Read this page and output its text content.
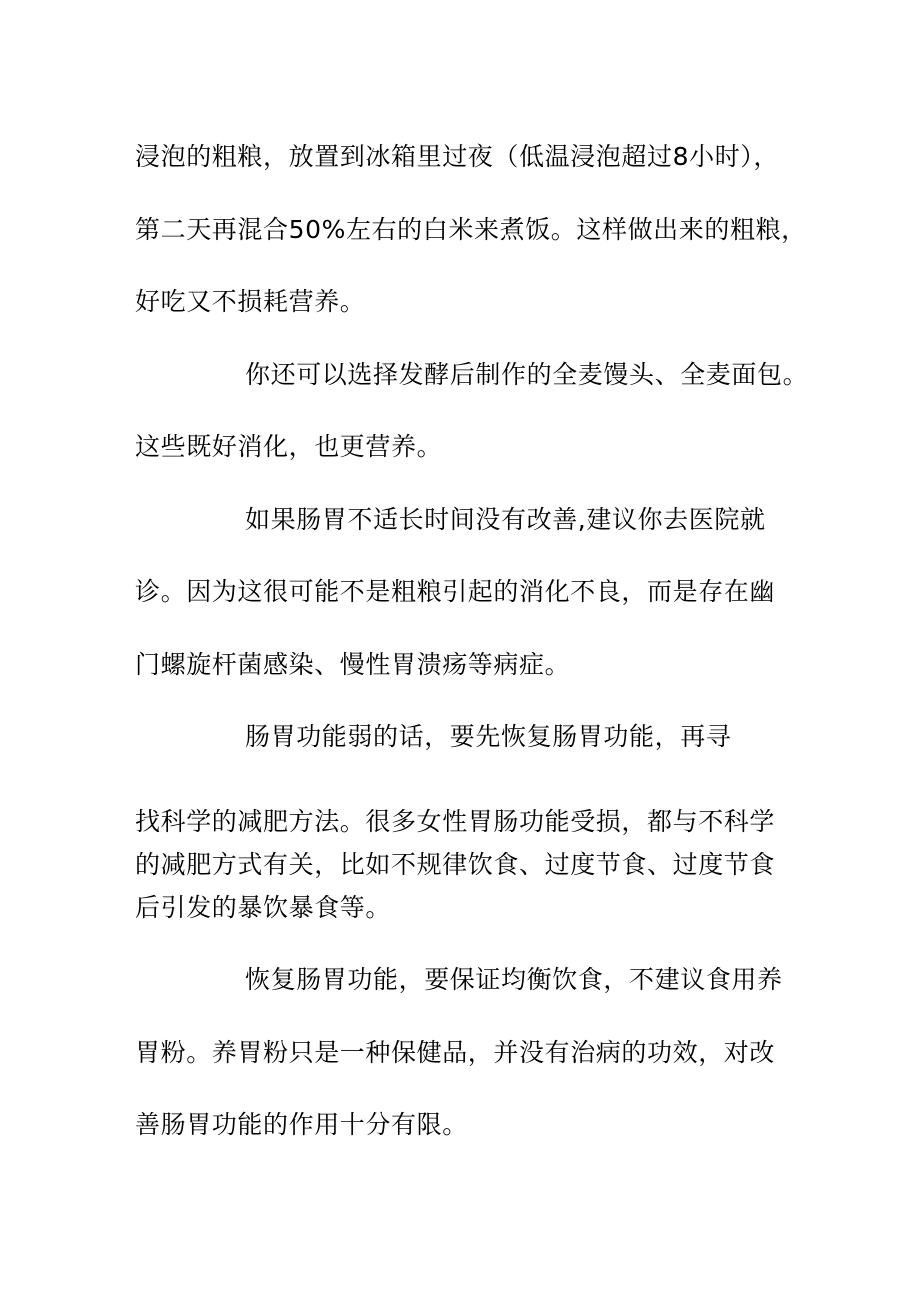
浸泡的粗粮，放置到冰箱里过夜（低温浸泡超过8小时），
第二天再混合50%左右的白米来煮饭。这样做出来的粗粮，
好吃又不损耗营养。
你还可以选择发酵后制作的全麦馒头、全麦面包。
这些既好消化，也更营养。
如果肠胃不适长时间没有改善,建议你去医院就
诊。因为这很可能不是粗粮引起的消化不良，而是存在幽
门螺旋杆菌感染、慢性胃溃疡等病症。
肠胃功能弱的话，要先恢复肠胃功能，再寻
找科学的减肥方法。很多女性胃肠功能受损，都与不科学
的减肥方式有关，比如不规律饮食、过度节食、过度节食
后引发的暴饮暴食等。
恢复肠胃功能，要保证均衡饮食，不建议食用养
胃粉。养胃粉只是一种保健品，并没有治病的功效，对改
善肠胃功能的作用十分有限。
